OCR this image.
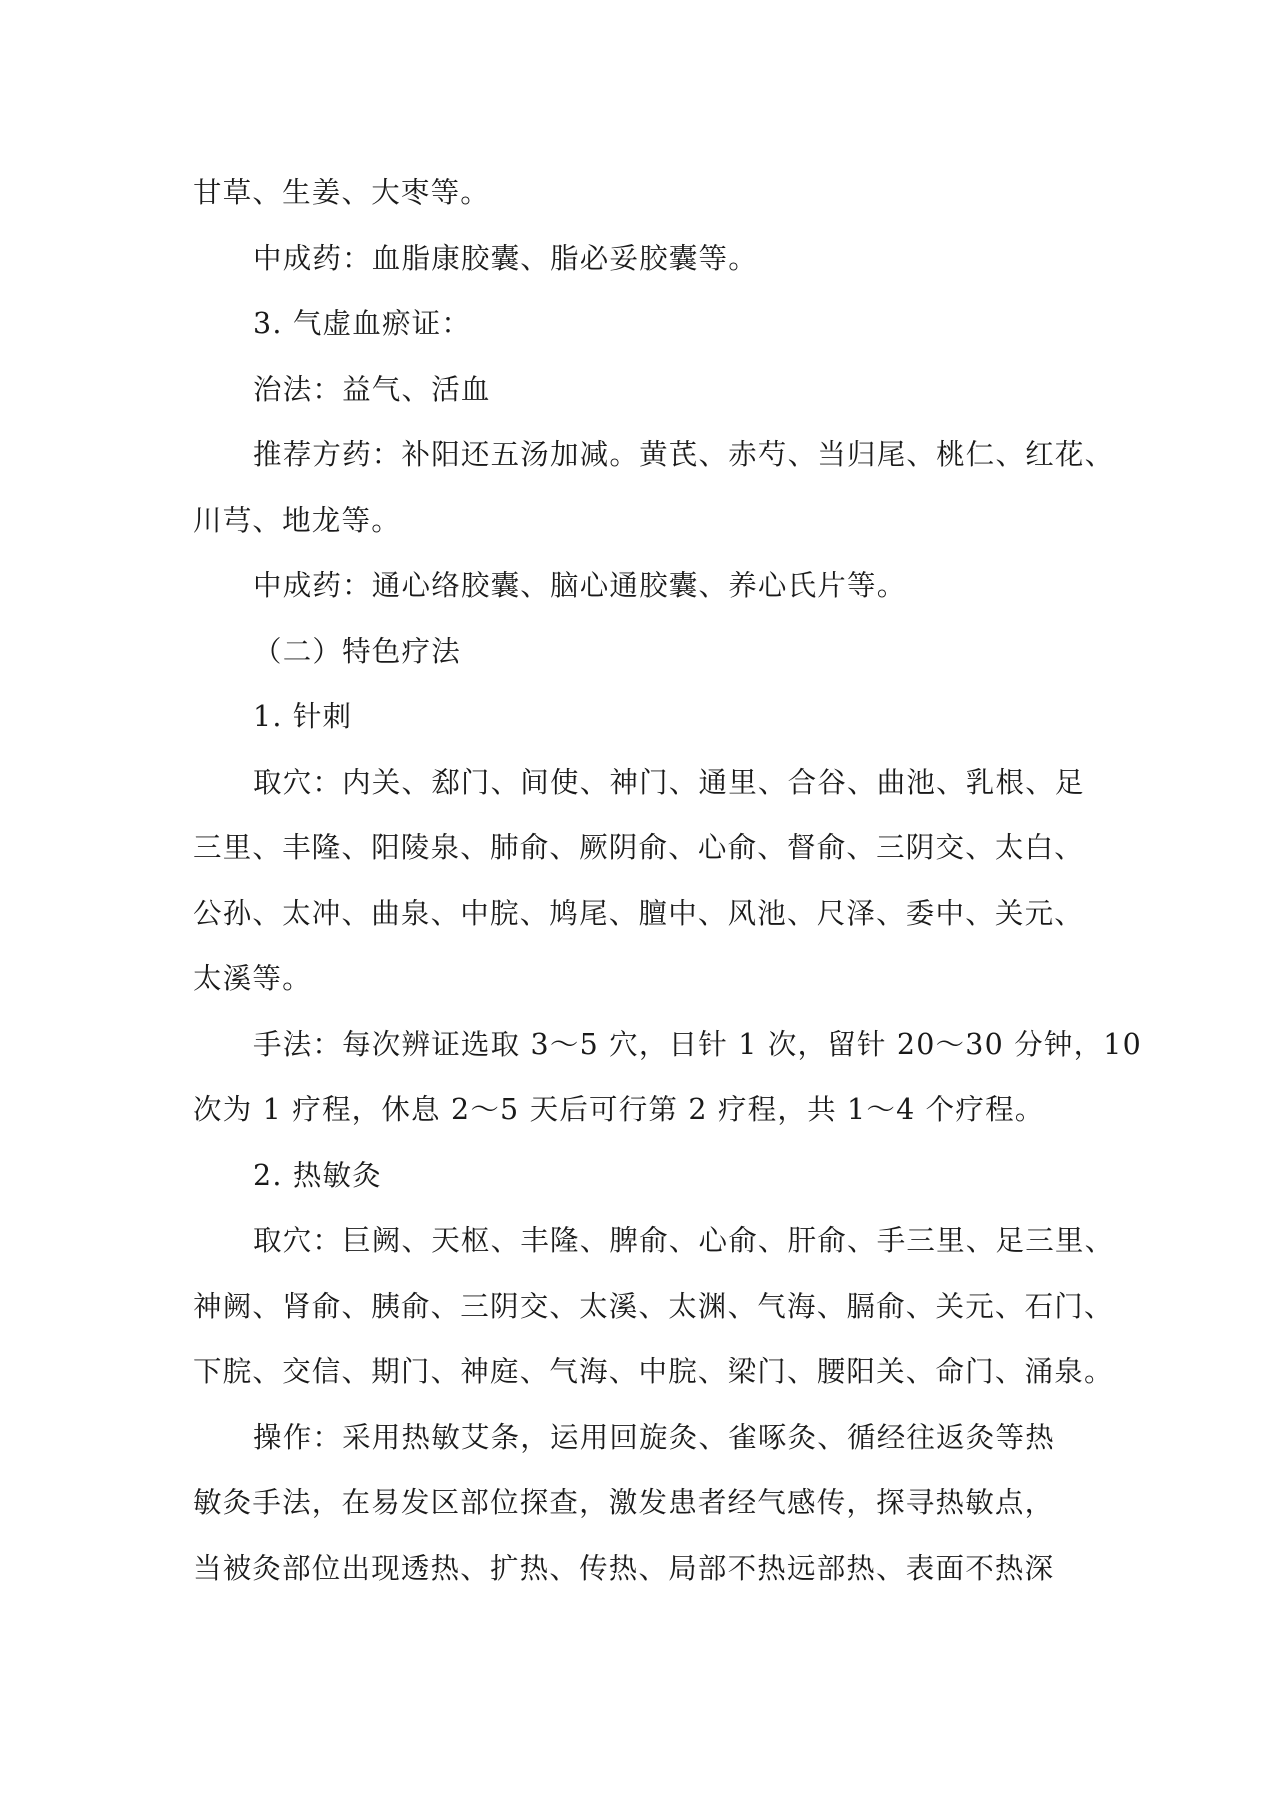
甘草、生姜、大枣等。
中成药：血脂康胶囊、脂必妥胶囊等。
3. 气虚血瘀证：
治法：益气、活血
推荐方药：补阳还五汤加减。黄芪、赤芍、当归尾、桃仁、红花、
川芎、地龙等。
中成药：通心络胶囊、脑心通胶囊、养心氏片等。
（二）特色疗法
1. 针刺
取穴：内关、郄门、间使、神门、通里、合谷、曲池、乳根、足
三里、丰隆、阳陵泉、肺俞、厥阴俞、心俞、督俞、三阴交、太白、
公孙、太冲、曲泉、中脘、鸠尾、膻中、风池、尺泽、委中、关元、
太溪等。
手法：每次辨证选取 3～5 穴，日针 1 次，留针 20～30 分钟，10
次为 1 疗程，休息 2～5 天后可行第 2 疗程，共 1～4 个疗程。
2. 热敏灸
取穴：巨阙、天枢、丰隆、脾俞、心俞、肝俞、手三里、足三里、
神阙、肾俞、胰俞、三阴交、太溪、太渊、气海、膈俞、关元、石门、
下脘、交信、期门、神庭、气海、中脘、梁门、腰阳关、命门、涌泉。
操作：采用热敏艾条，运用回旋灸、雀啄灸、循经往返灸等热
敏灸手法，在易发区部位探查，激发患者经气感传，探寻热敏点，
当被灸部位出现透热、扩热、传热、局部不热远部热、表面不热深
